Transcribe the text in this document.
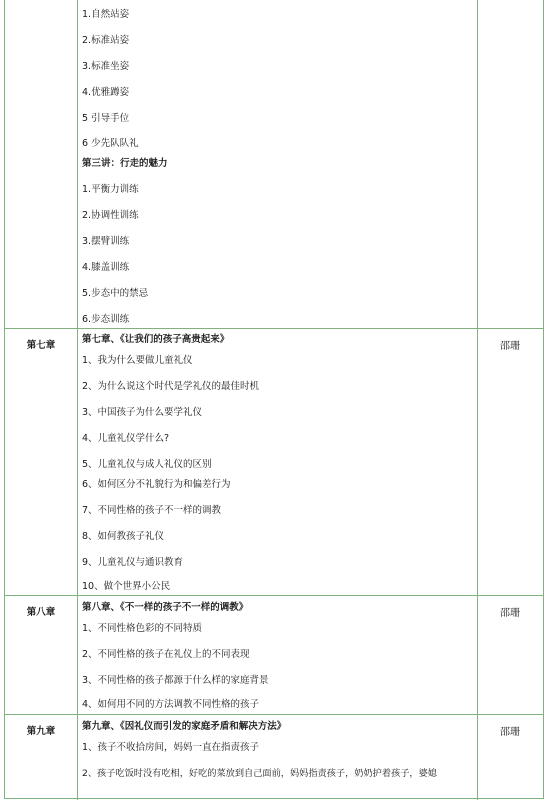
1.自然站姿
2.标准站姿
3.标准坐姿
4.优雅蹲姿
5 引导手位
6 少先队队礼
第三讲：行走的魅力
1.平衡力训练
2.协调性训练
3.摆臂训练
4.膝盖训练
5.步态中的禁忌
6.步态训练
第七章
第七章、《让我们的孩子高贵起来》
1、我为什么要做儿童礼仪
2、为什么说这个时代是学礼仪的最佳时机
3、中国孩子为什么要学礼仪
4、儿童礼仪学什么?
5、儿童礼仪与成人礼仪的区别
6、如何区分不礼貌行为和偏差行为
7、不同性格的孩子不一样的调教
8、如何教孩子礼仪
9、儿童礼仪与通识教育
10、做个世界小公民
邵珊
第八章	第八章、《不一样的孩子不一样的调教》
1、不同性格色彩的不同特质
2、不同性格的孩子在礼仪上的不同表现
3、不同性格的孩子都源于什么样的家庭背景
4、如何用不同的方法调教不同性格的孩子
邵珊
第九章	第九章、《因礼仪而引发的家庭矛盾和解决方法》
1、孩子不收拾房间，妈妈一直在指责孩子
2、孩子吃饭时没有吃相，好吃的菜放到自己面前，妈妈指责孩子，奶奶护着孩子，婆媳
邵珊
